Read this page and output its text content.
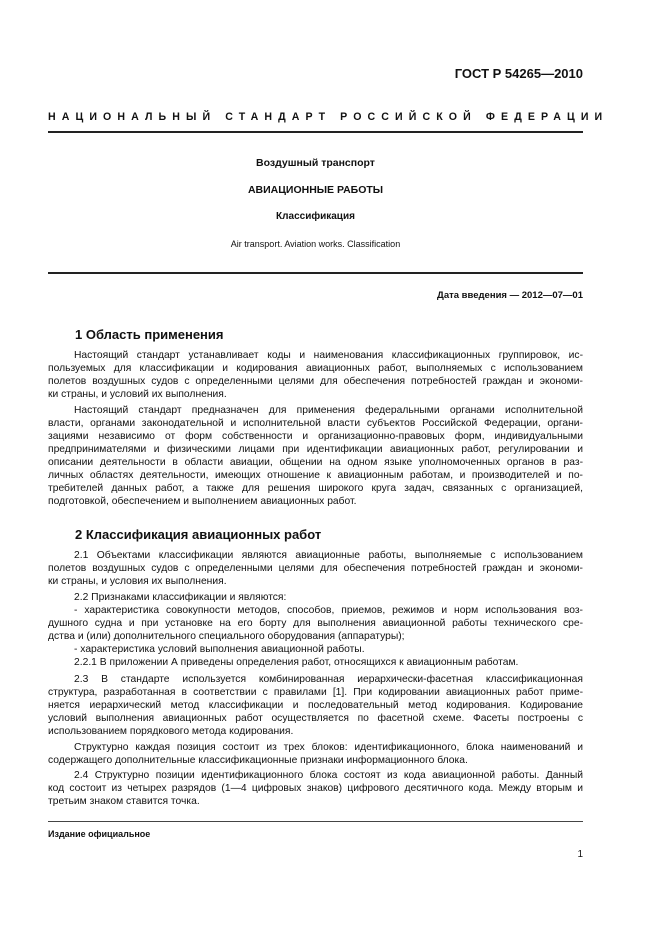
ГОСТ Р 54265—2010
НАЦИОНАЛЬНЫЙ СТАНДАРТ РОССИЙСКОЙ ФЕДЕРАЦИИ
Воздушный транспорт
АВИАЦИОННЫЕ РАБОТЫ
Классификация
Air transport. Aviation works. Classification
Дата введения — 2012—07—01
1 Область применения
Настоящий стандарт устанавливает коды и наименования классификационных группировок, ис-
пользуемых для классификации и кодирования авиационных работ, выполняемых с использованием
полетов воздушных судов с определенными целями для обеспечения потребностей граждан и экономи-
ки страны, и условий их выполнения.
Настоящий стандарт предназначен для применения федеральными органами исполнительной
власти, органами законодательной и исполнительной власти субъектов Российской Федерации, органи-
зациями независимо от форм собственности и организационно-правовых форм, индивидуальными
предпринимателями и физическими лицами при идентификации авиационных работ, регулировании и
описании деятельности в области авиации, общении на одном языке уполномоченных органов в раз-
личных областях деятельности, имеющих отношение к авиационным работам, и производителей и по-
требителей данных работ, а также для решения широкого круга задач, связанных с организацией,
подготовкой, обеспечением и выполнением авиационных работ.
2 Классификация авиационных работ
2.1 Объектами классификации являются авиационные работы, выполняемые с использованием
полетов воздушных судов с определенными целями для обеспечения потребностей граждан и экономи-
ки страны, и условия их выполнения.
2.2 Признаками классификации и являются:
- характеристика совокупности методов, способов, приемов, режимов и норм использования воз-
душного судна и при установке на его борту для выполнения авиационной работы технического сре-
дства и (или) дополнительного специального оборудования (аппаратуры);
- характеристика условий выполнения авиационной работы.
2.2.1 В приложении А приведены определения работ, относящихся к авиационным работам.
2.3 В стандарте используется комбинированная иерархически-фасетная классификационная
структура, разработанная в соответствии с правилами [1]. При кодировании авиационных работ приме-
няется иерархический метод классификации и последовательный метод кодирования. Кодирование
условий выполнения авиационных работ осуществляется по фасетной схеме. Фасеты построены с
использованием порядкового метода кодирования.
Структурно каждая позиция состоит из трех блоков: идентификационного, блока наименований и
содержащего дополнительные классификационные признаки информационного блока.
2.4 Структурно позиции идентификационного блока состоят из кода авиационной работы. Данный
код состоит из четырех разрядов (1—4 цифровых знаков) цифрового десятичного кода. Между вторым и
третьим знаком ставится точка.
Издание официальное
1
